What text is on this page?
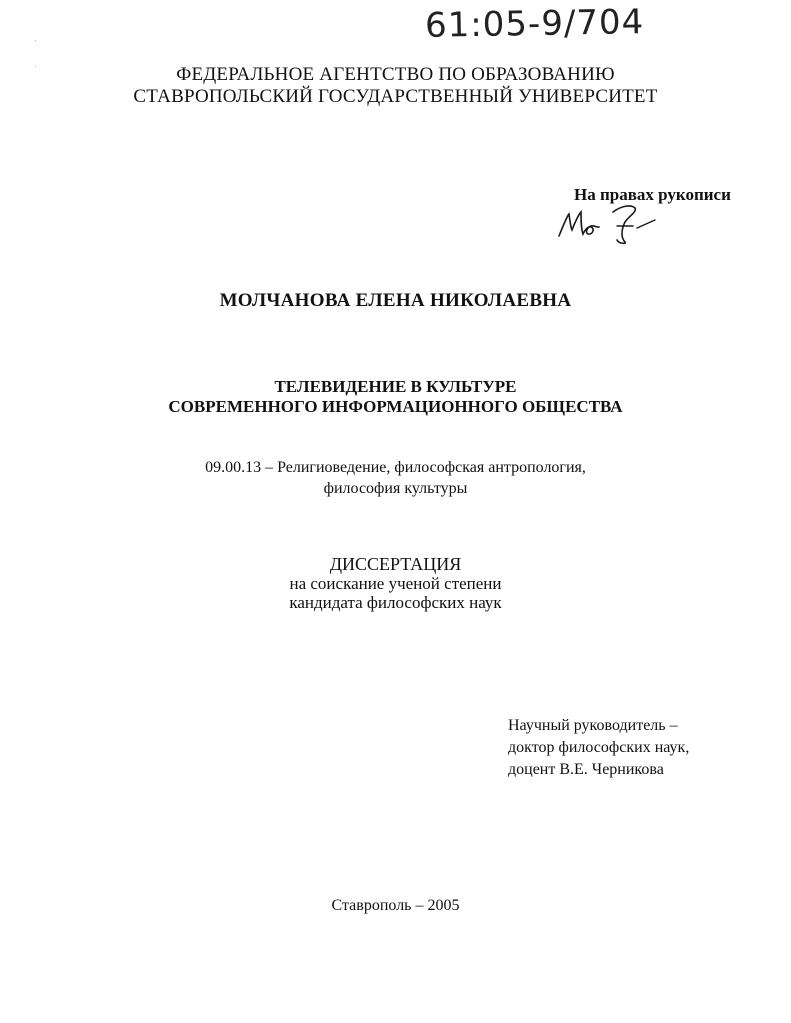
61:05-9/704
ФЕДЕРАЛЬНОЕ АГЕНТСТВО ПО ОБРАЗОВАНИЮ
СТАВРОПОЛЬСКИЙ ГОСУДАРСТВЕННЫЙ УНИВЕРСИТЕТ
На правах рукописи
МОЛЧАНОВА ЕЛЕНА НИКОЛАЕВНА
ТЕЛЕВИДЕНИЕ В КУЛЬТУРЕ
СОВРЕМЕННОГО ИНФОРМАЦИОННОГО ОБЩЕСТВА
09.00.13 – Религиоведение, философская антропология,
философия культуры
ДИССЕРТАЦИЯ
на соискание ученой степени
кандидата философских наук
Научный руководитель –
доктор философских наук,
доцент В.Е. Черникова
Ставрополь – 2005
